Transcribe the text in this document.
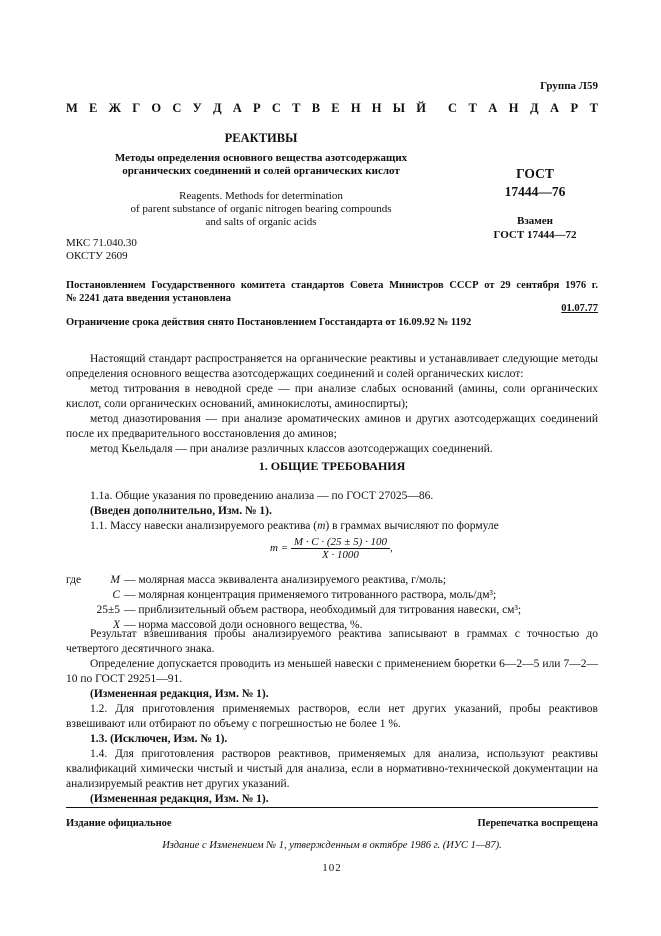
Группа Л59
М Е Ж Г О С У Д А Р С Т В Е Н Н Ы Й С Т А Н Д А Р Т
РЕАКТИВЫ
Методы определения основного вещества азотсодержащих
органических соединений и солей органических кислот
Reagents. Methods for determination
of parent substance of organic nitrogen bearing compounds
and salts of organic acids
ГОСТ
17444—76
Взамен
ГОСТ 17444—72
МКС 71.040.30
ОКСТУ 2609
Постановлением Государственного комитета стандартов Совета Министров СССР от 29 сентября 1976 г.
№ 2241 дата введения установлена
01.07.77
Ограничение срока действия снято Постановлением Госстандарта от 16.09.92 № 1192
Настоящий стандарт распространяется на органические реактивы и устанавливает следующие методы определения основного вещества азотсодержащих соединений и солей органических кислот:
метод титрования в неводной среде — при анализе слабых оснований (амины, соли органических кислот, соли органических оснований, аминокислоты, аминоспирты);
метод диазотирования — при анализе ароматических аминов и других азотсодержащих соединений после их предварительного восстановления до аминов;
метод Кьельдаля — при анализе различных классов азотсодержащих соединений.
1. ОБЩИЕ ТРЕБОВАНИЯ
1.1а. Общие указания по проведению анализа — по ГОСТ 27025—86.
(Введен дополнительно, Изм. № 1).
1.1. Массу навески анализируемого реактива (m) в граммах вычисляют по формуле
$m = \frac{M \cdot C \cdot (25 \pm 5) \cdot 100}{X \cdot 1000}$ ,
где	M	— молярная масса эквивалента анализируемого реактива, г/моль;
	C	— молярная концентрация применяемого титрованного раствора, моль/дм³;
	25±5	— приблизительный объем раствора, необходимый для титрования навески, см³;
	X	— норма массовой доли основного вещества, %.
Результат взвешивания пробы анализируемого реактива записывают в граммах с точностью до четвертого десятичного знака.
Определение допускается проводить из меньшей навески с применением бюретки 6—2—5 или 7—2—10 по ГОСТ 29251—91.
(Измененная редакция, Изм. № 1).
1.2. Для приготовления применяемых растворов, если нет других указаний, пробы реактивов взвешивают или отбирают по объему с погрешностью не более 1 %.
1.3. (Исключен, Изм. № 1).
1.4. Для приготовления растворов реактивов, применяемых для анализа, используют реактивы квалификаций химически чистый и чистый для анализа, если в нормативно-технической документации на анализируемый реактив нет других указаний.
(Измененная редакция, Изм. № 1).
Издание официальное	Перепечатка воспрещена
Издание с Изменением № 1, утвержденным в октябре 1986 г. (ИУС 1—87).
102
